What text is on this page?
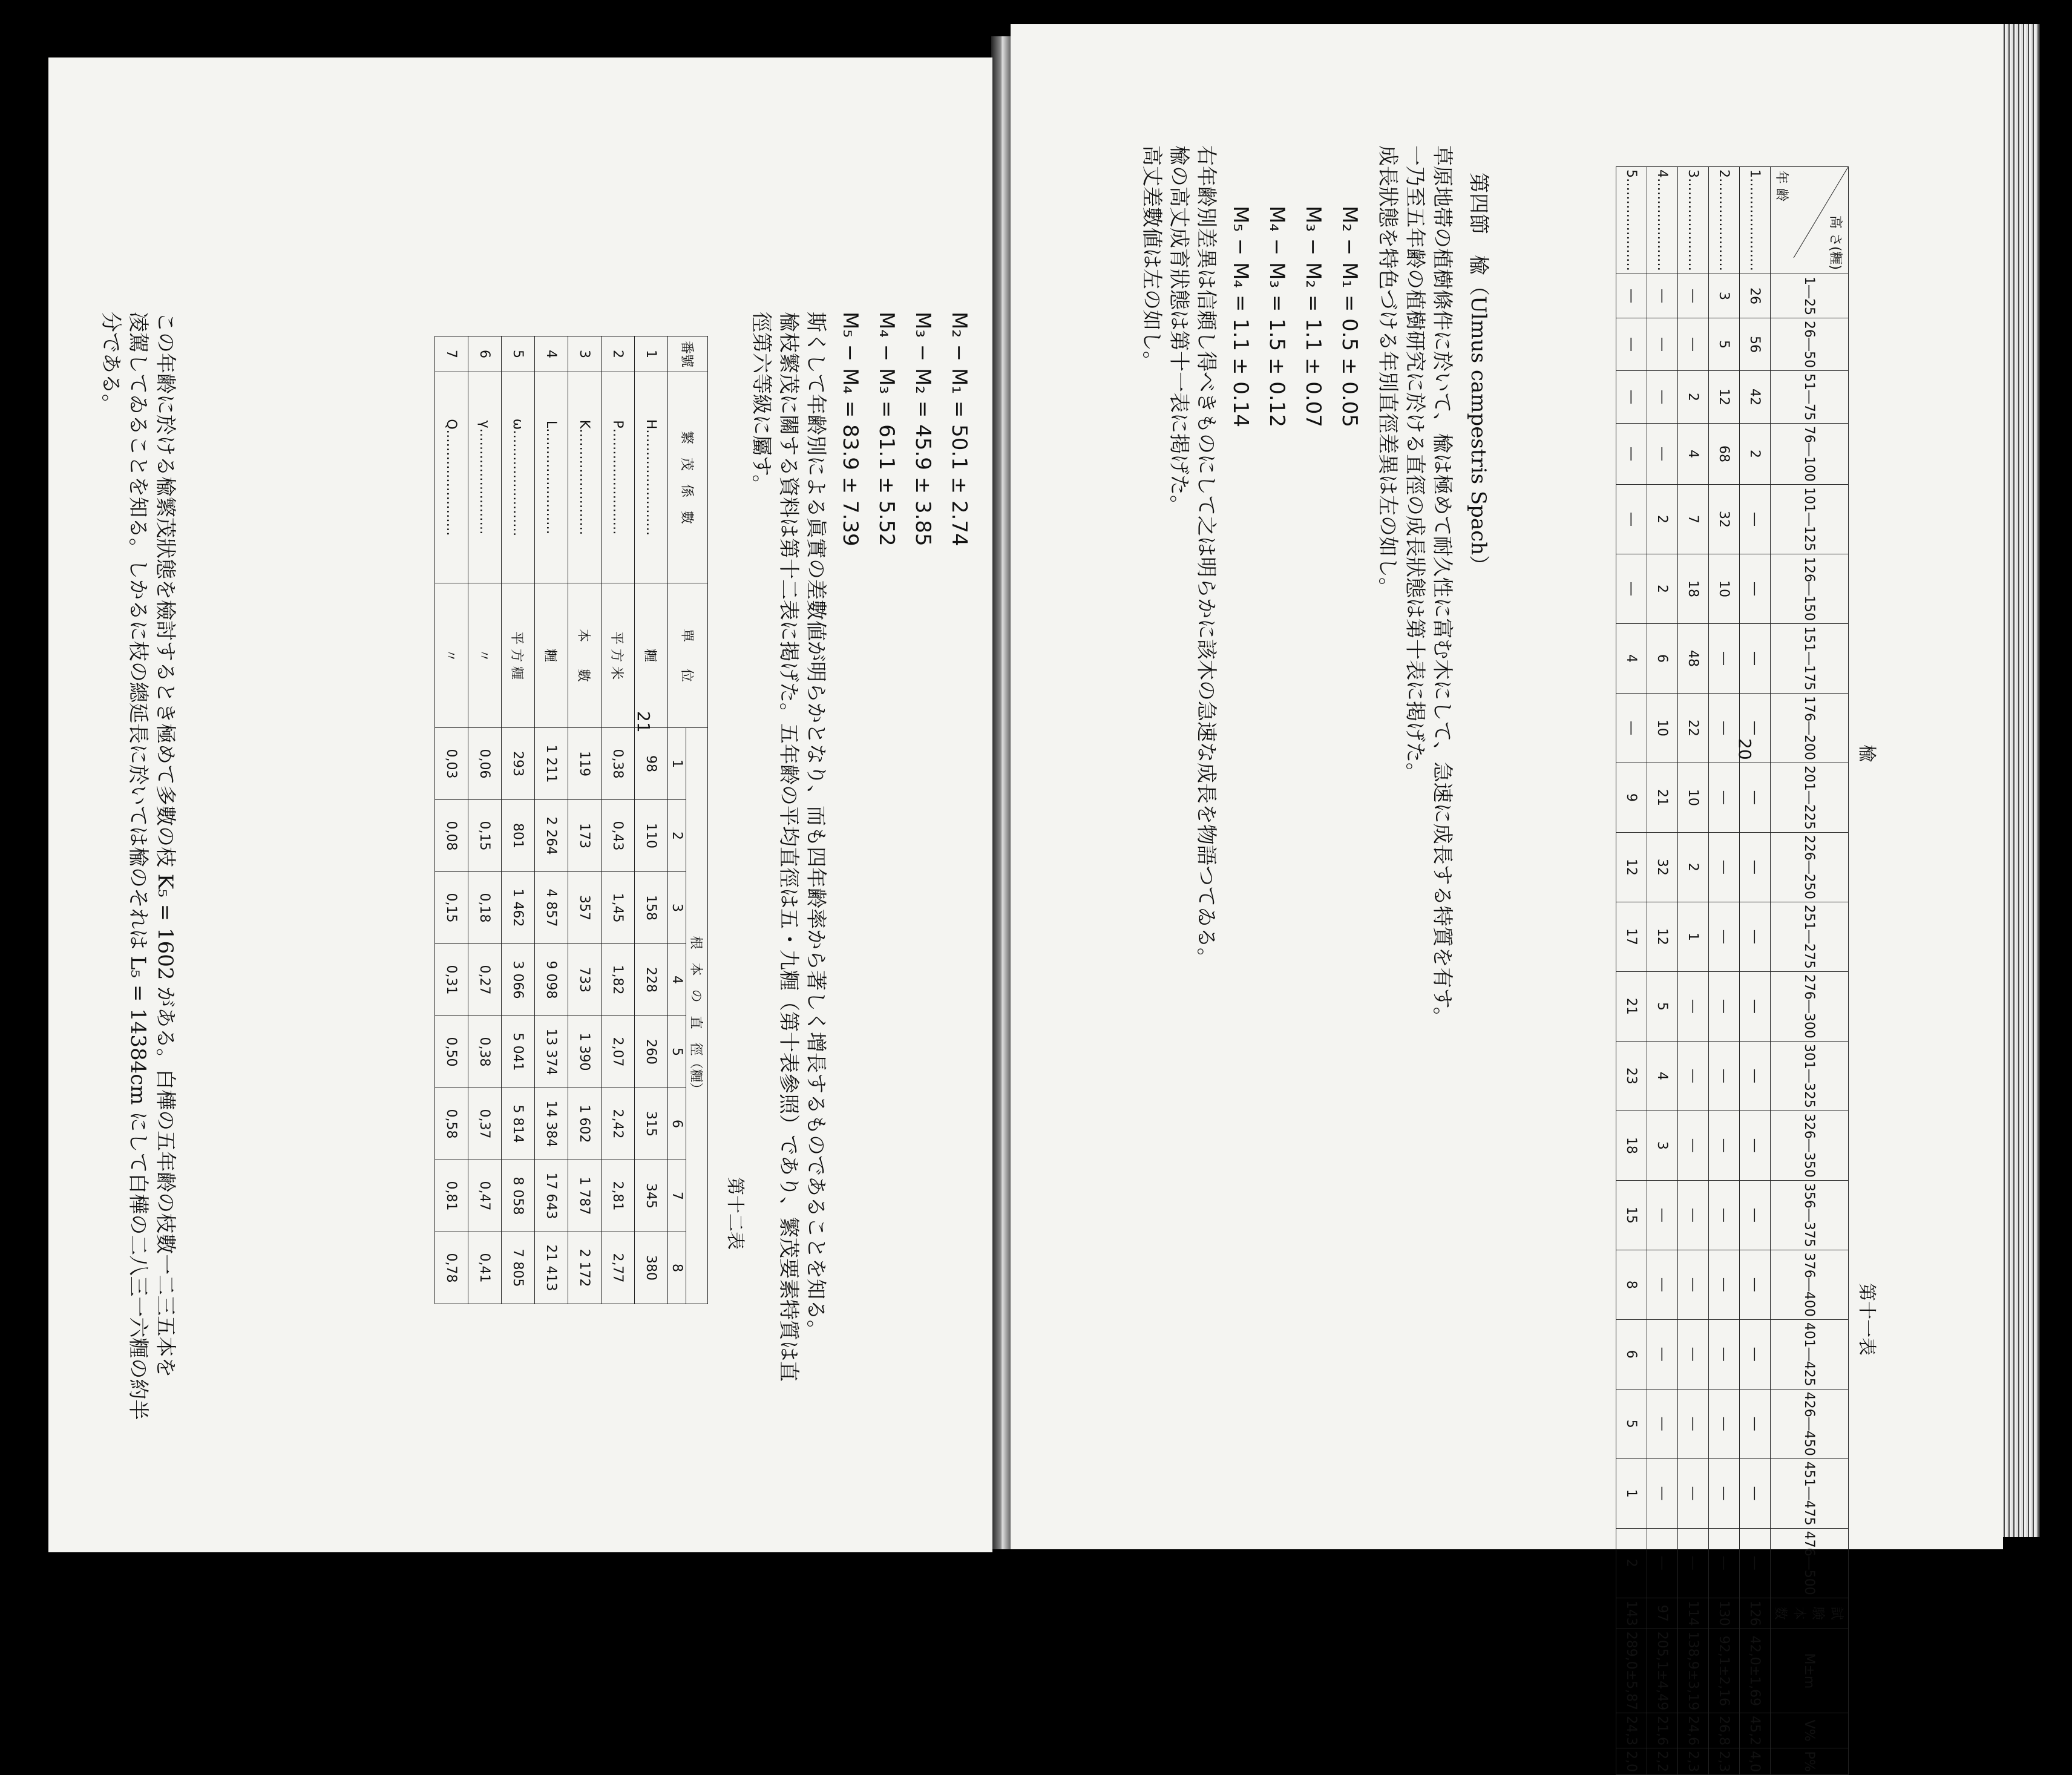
楡
第十一表
高 さ(糎)
年 齢	1―25	26―50	51―75	76―100	101―125	126―150	151―175	176―200	201―225	226―250	251―275	276―300	301―325	326―350	356―375	376―400	401―425	426―450	451―475	476―500	試験本数	M±m	V%	P%
1…………………	26	56	42	2	―	―	―	―	―	―	―	―	―	―	―	―	―	―	―	―	126	42,0±1,69	45,2	4,0
2…………………	3	5	12	68	32	10	―	―	―	―	―	―	―	―	―	―	―	―	―	―	130	92,1±2,16	26,8	2,3
3…………………	―	―	2	4	7	18	48	22	10	2	1	―	―	―	―	―	―	―	―	―	114	138,9±3,19	24,6	2,3
4…………………	―	―	―	―	2	2	6	10	21	32	12	5	4	3	―	―	―	―	―	―	97	205,1±4,49	21,6	2,2
5…………………	―	―	―	―	―	―	4	―	9	12	17	21	23	18	15	8	6	5	1	2	143	289,0±5,87	24,3	2,0
第四節　楡（Ulmus campestris Spach）
草原地帯の植樹條件に於いて、楡は極めて耐久性に富む木にして、急速に成長する特質を有す。
一乃至五年齢の植樹研究に於ける直徑の成長狀態は第十表に掲げた。
成長狀態を特色づける年別直徑差異は左の如し。
M₂ − M₁ = 0.5 ± 0.05
M₃ − M₂ = 1.1 ± 0.07
M₄ − M₃ = 1.5 ± 0.12
M₅ − M₄ = 1.1 ± 0.14
右年齢別差異は信頼し得べきものにして之は明らかに該木の急速な成長を物語つてゐる。
楡の高丈成育狀態は第十一表に掲げた。
高丈差數値は左の如し。
20
M₂ − M₁ = 50.1 ± 2.74
M₃ − M₂ = 45.9 ± 3.85
M₄ − M₃ = 61.1 ± 5.52
M₅ − M₄ = 83.9 ± 7.39
斯くして年齢別による眞實の差數値が明らかとなり、而も四年齢率から著しく增長するものであることを知る。
楡枝繁茂に關する資料は第十二表に掲げた。五年齢の平均直徑は五・九糎（第十表參照）であり、繁茂要素特質は直
徑第六等級に屬す。
第十二表
番號	繁　茂　係　數	單　　位	根　本　の　直　徑（糎）							
			1	2	3	4	5	6	7	8
1	H……………………	糎	98	110	158	228	260	315	345	380
2	P……………………	平 方 米	0,38	0,43	1,45	1,82	2,07	2,42	2,81	2,77
3	K……………………	本　　數	119	173	357	733	1 390	1 602	1 787	2 172
4	L……………………	糎	1 211	2 264	4 857	9 098	13 374	14 384	17 643	21 413
5	ω……………………	平 方 糎	293	801	1 462	3 066	5 041	5 814	8 058	7 805
6	γ……………………	〃	0,06	0,15	0,18	0,27	0,38	0,37	0,47	0,41
7	Q……………………	〃	0,03	0,08	0,15	0,31	0,50	0,58	0,81	0,78
この年齢に於ける楡繁茂狀態を檢討するとき極めて多數の枝 K₅ = 1602 がある。白樺の五年齢の枝數一二三五本を
凌駕してゐることを知る。しかるに枝の總延長に於いては楡のそれは L₅ = 14384cm にして白樺の二八三一六糎の約半
分である。
21
